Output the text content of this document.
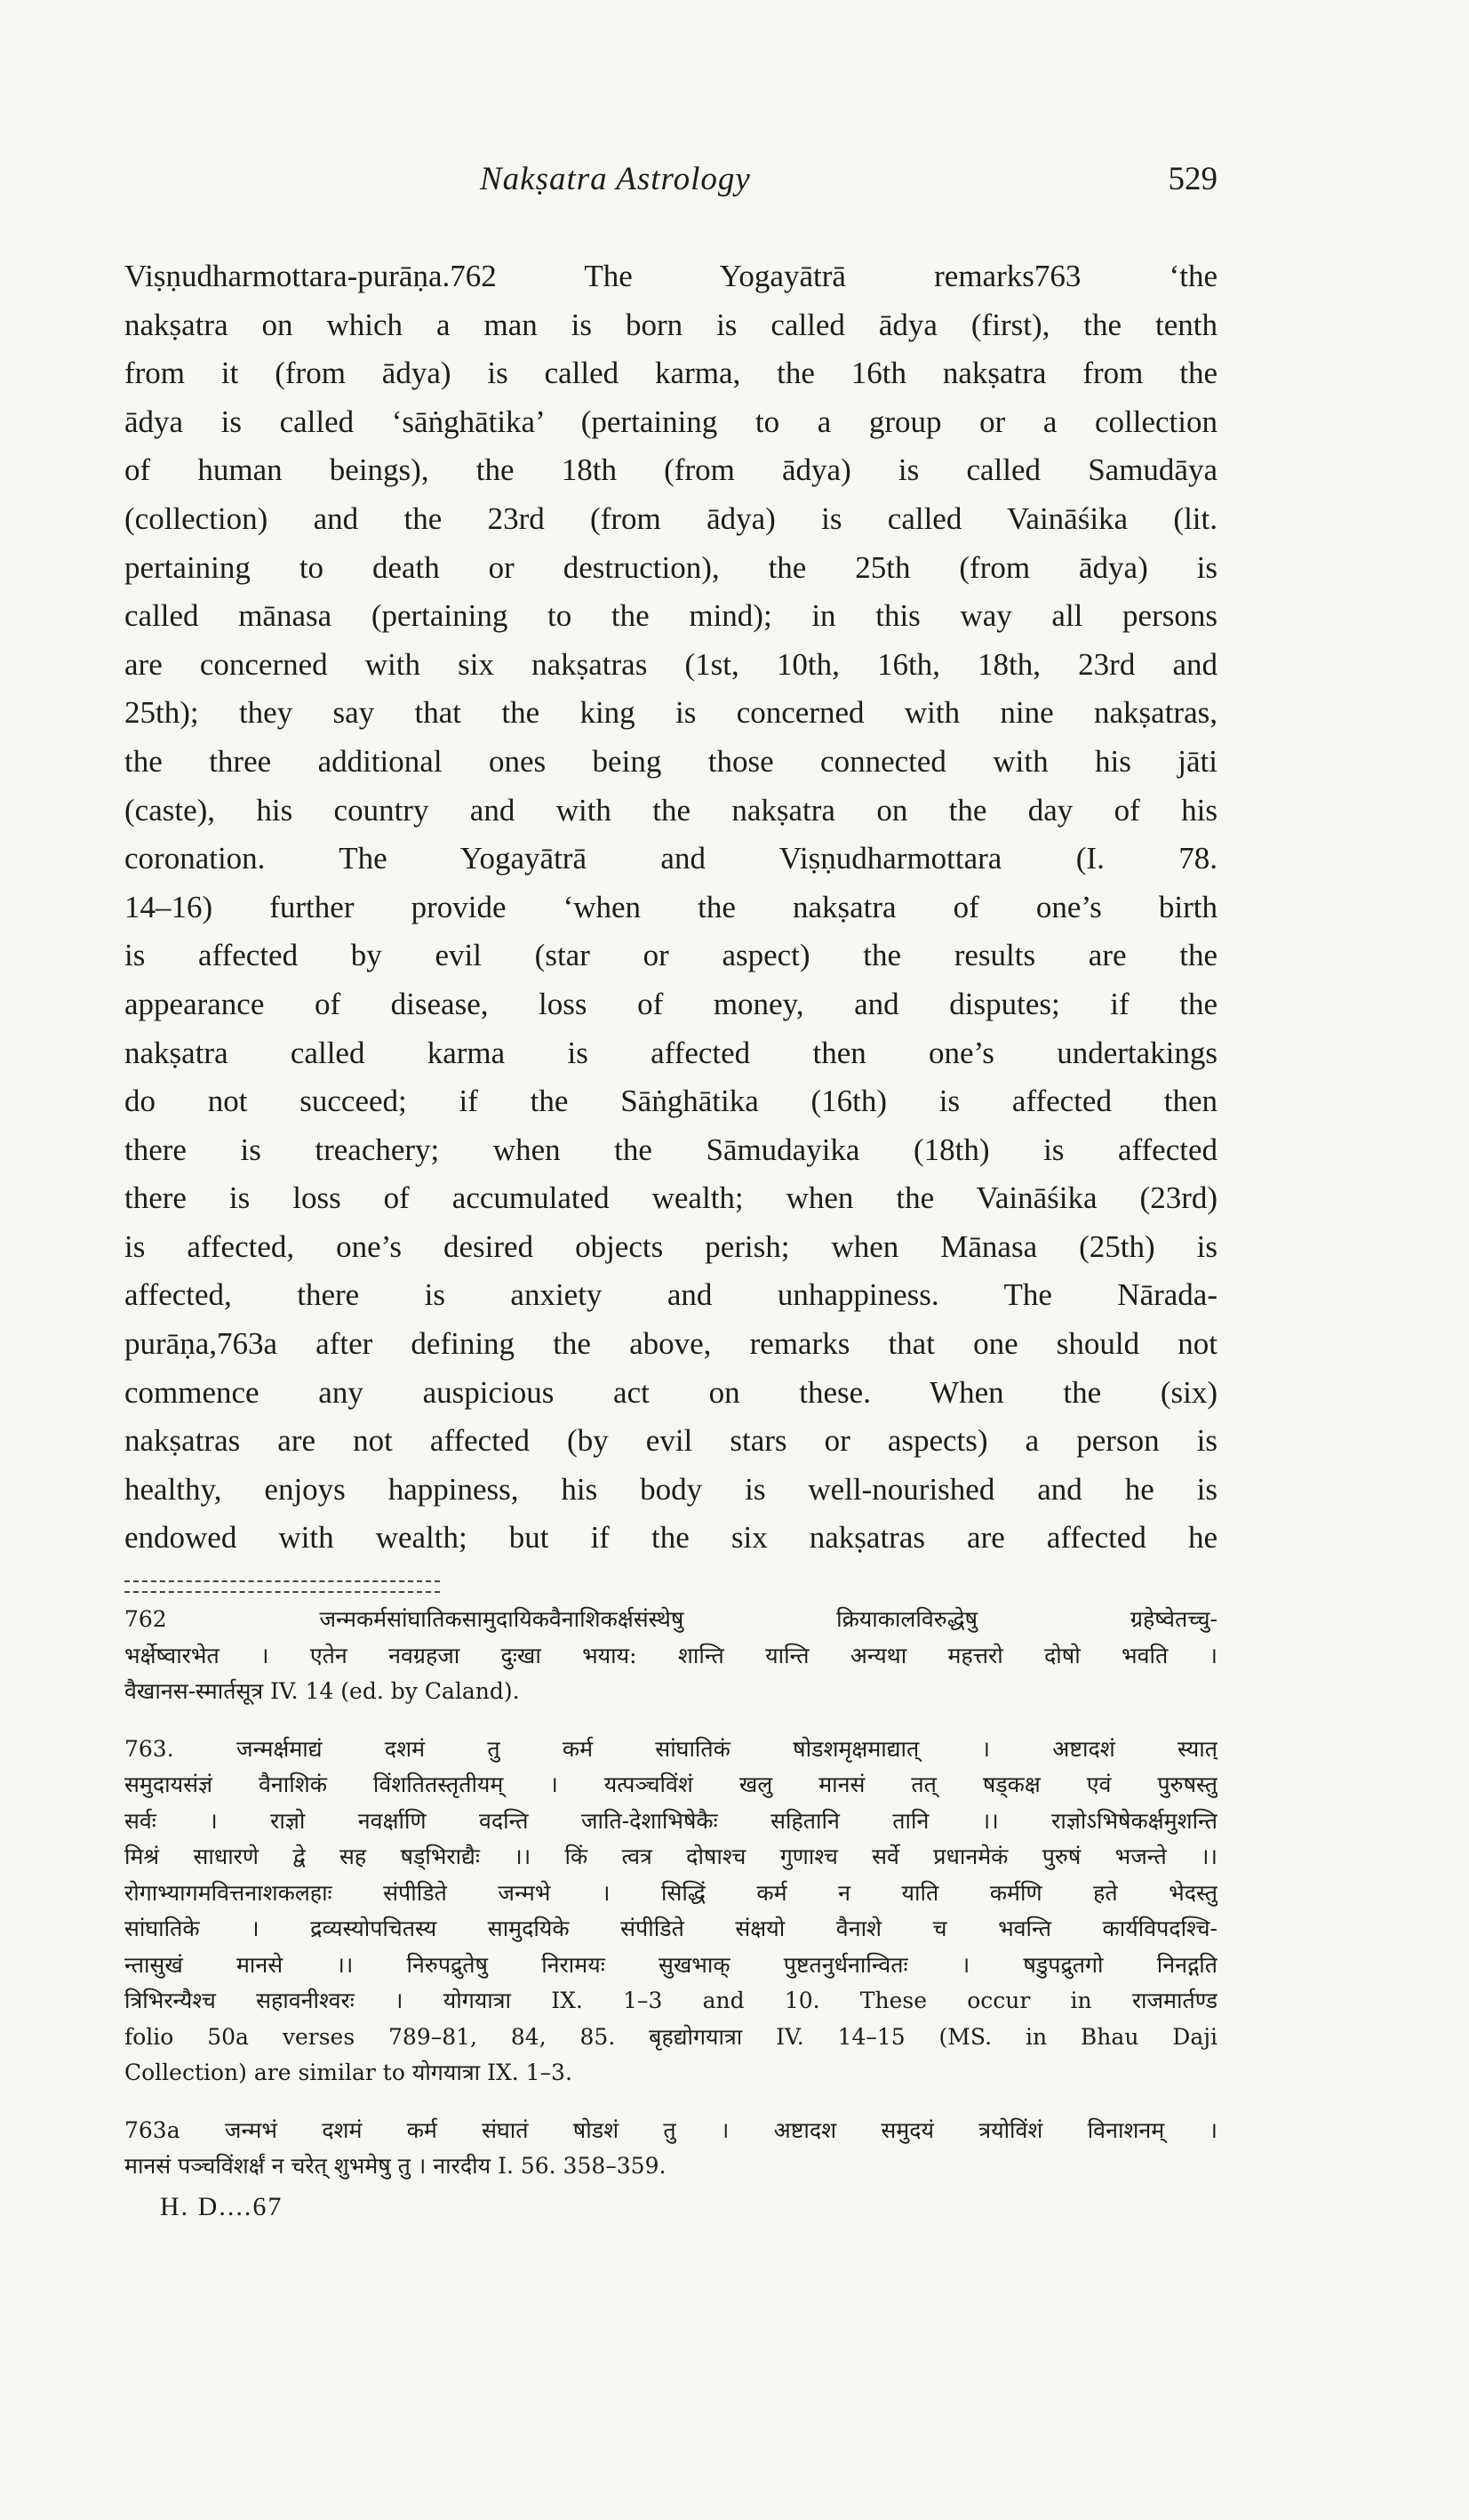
Nakṣatra Astrology	529
Viṣṇudharmottara-purāṇa.762 The Yogayātrā remarks763 ‘the
nakṣatra on which a man is born is called ādya (first), the tenth
from it (from ādya) is called karma, the 16th nakṣatra from the
ādya is called ‘sāṅghātika’ (pertaining to a group or a collection
of human beings), the 18th (from ādya) is called Samudāya
(collection) and the 23rd (from ādya) is called Vaināśika (lit.
pertaining to death or destruction), the 25th (from ādya) is
called mānasa (pertaining to the mind); in this way all persons
are concerned with six nakṣatras (1st, 10th, 16th, 18th, 23rd and
25th); they say that the king is concerned with nine nakṣatras,
the three additional ones being those connected with his jāti
(caste), his country and with the nakṣatra on the day of his
coronation. The Yogayātrā and Viṣṇudharmottara (I. 78.
14–16) further provide ‘when the nakṣatra of one’s birth
is affected by evil (star or aspect) the results are the
appearance of disease, loss of money, and disputes; if the
nakṣatra called karma is affected then one’s undertakings
do not succeed; if the Sāṅghātika (16th) is affected then
there is treachery; when the Sāmudayika (18th) is affected
there is loss of accumulated wealth; when the Vaināśika (23rd)
is affected, one’s desired objects perish; when Mānasa (25th) is
affected, there is anxiety and unhappiness. The Nārada-
purāṇa,763a after defining the above, remarks that one should not
commence any auspicious act on these. When the (six)
nakṣatras are not affected (by evil stars or aspects) a person is
healthy, enjoys happiness, his body is well-nourished and he is
endowed with wealth; but if the six nakṣatras are affected he
762 जन्मकर्मसांघातिकसामुदायिकवैनाशिकर्क्षसंस्थेषु क्रियाकालविरुद्धेषु ग्रहेष्वेतच्चु-
भर्क्षेष्वारभेत । एतेन नवग्रहजा दुःखा भयाय: शान्ति यान्ति अन्यथा महत्तरो दोषो भवति ।
वैखानस-स्मार्तसूत्र IV. 14 (ed. by Caland).
763. जन्मर्क्षमाद्यं दशमं तु कर्म सांघातिकं षोडशमृक्षमाद्यात् । अष्टादशं स्यात्
समुदायसंज्ञं वैनाशिकं विंशतितस्तृतीयम् । यत्पञ्चविंशं खलु मानसं तत् षड्कक्ष एवं पुरुषस्तु
सर्वः । राज्ञो नवर्क्षाणि वदन्ति जाति-देशाभिषेकैः सहितानि तानि ।। राज्ञोऽभिषेकर्क्षमुशन्ति
मिश्रं साधारणे द्वे सह षड्भिराद्यैः ।। किं त्वत्र दोषाश्च गुणाश्च सर्वे प्रधानमेकं पुरुषं भजन्ते ।।
रोगाभ्यागमवित्तनाशकलहाः संपीडिते जन्मभे । सिद्धिं कर्म न याति कर्मणि हते भेदस्तु
सांघातिके । द्रव्यस्योपचितस्य सामुदयिके संपीडिते संक्षयो वैनाशे च भवन्ति कार्यविपदश्चि-
न्तासुखं मानसे ।। निरुपद्रुतेषु निरामयः सुखभाक् पुष्टतनुर्धनान्वितः । षडुपद्रुतगो निनद्गति
त्रिभिरन्यैश्च सहावनीश्वरः । योगयात्रा IX. 1–3 and 10. These occur in राजमार्तण्ड
folio 50a verses 789–81, 84, 85. बृहद्योगयात्रा IV. 14–15 (MS. in Bhau Daji
Collection) are similar to योगयात्रा IX. 1–3.
763a जन्मभं दशमं कर्म संघातं षोडशं तु । अष्टादश समुदयं त्रयोविंशं विनाशनम् ।
मानसं पञ्चविंशर्क्षं न चरेत् शुभमेषु तु । नारदीय I. 56. 358–359.
H. D....67
